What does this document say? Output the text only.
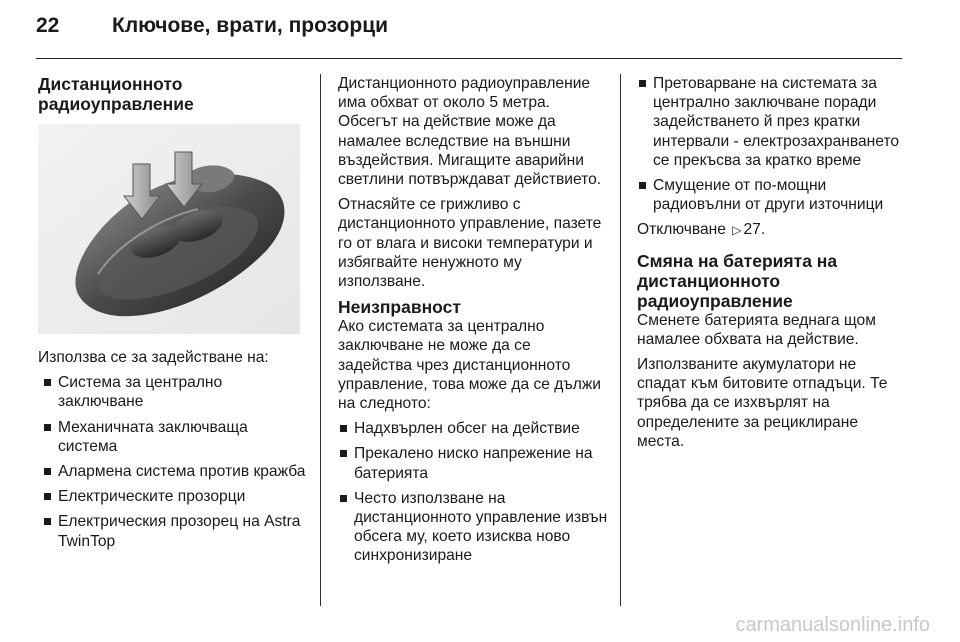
22	Ключове, врати, прозорци
Дистанционното радиоуправление

Използва се за задействане на:

Система за централно заключване
Механичната заключваща система
Алармена система против кражба
Електрическите прозорци
Електрическия прозорец на Astra TwinTop

Дистанционното радиоуправление има обхват от около 5 метра. Обсегът на действие може да намалее вследствие на външни въздействия. Мигащите аварийни светлини потвърждават действието.

Отнасяйте се грижливо с дистанционното управление, пазете го от влага и високи температури и избягвайте ненужното му използване.

Неизправност

Ако системата за централно заключване не може да се задейства чрез дистанционното управление, това може да се дължи на следното:

Надхвърлен обсег на действие
Прекалено ниско напрежение на батерията
Често използване на дистанционното управление извън обсега му, което изисква ново синхронизиране
Претоварване на системата за централно заключване поради задействането й през кратки интервали - електрозахранването се прекъсва за кратко време
Смущение от по-мощни радиовълни от други източници

Отключване ▷ 27.

Смяна на батерията на дистанционното радиоуправление

Сменете батерията веднага щом намалее обхвата на действие.

Използваните акумулатори не спадат към битовите отпадъци. Те трябва да се изхвърлят на определените за рециклиране места.

carmanualsonline.info
